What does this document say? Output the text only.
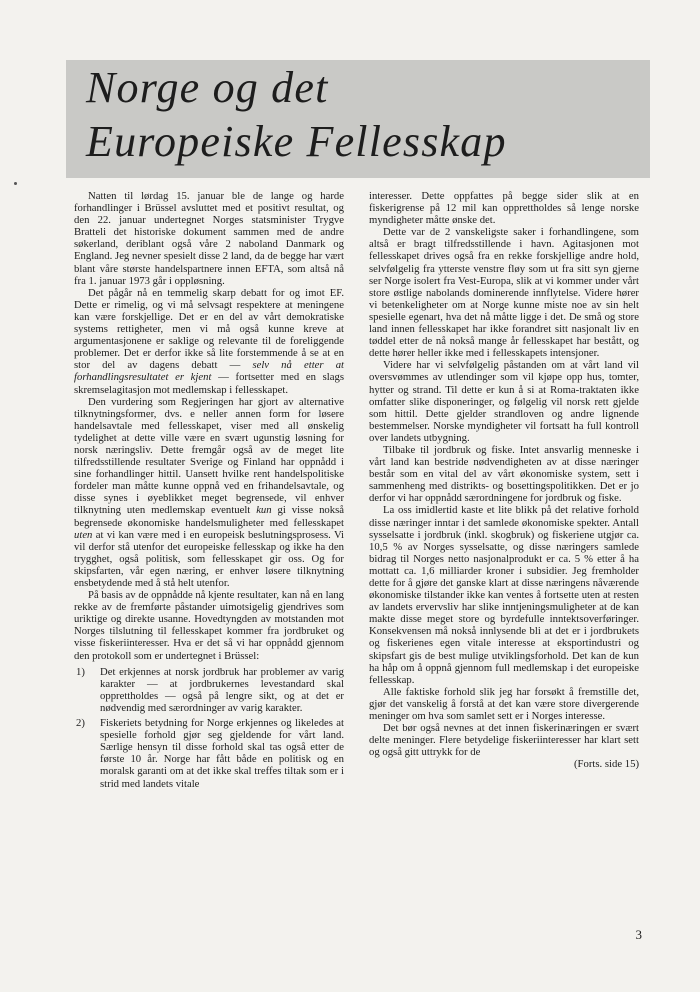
Norge og det
Europeiske Fellesskap

Natten til lørdag 15. januar ble de lange og harde forhandlinger i Brüssel avsluttet med et positivt resultat, og den 22. januar undertegnet Norges statsminister Trygve Bratteli det historiske dokument sammen med de andre søkerland, deriblant også våre 2 naboland Danmark og England. Jeg nevner spesielt disse 2 land, da de begge har vært blant våre største handelspartnere innen EFTA, som altså nå fra 1. januar 1973 går i oppløsning.

Det pågår nå en temmelig skarp debatt for og imot EF. Dette er rimelig, og vi må selvsagt respektere at meningene kan være forskjellige. Det er en del av vårt demokratiske systems rettigheter, men vi må også kunne kreve at argumentasjonene er saklige og relevante til de foreliggende problemer. Det er derfor ikke så lite forstemmende å se at en stor del av dagens debatt — selv nå etter at forhandlingsresultatet er kjent — fortsetter med en slags skremselagitasjon mot medlemskap i fellesskapet.

Den vurdering som Regjeringen har gjort av alternative tilknytningsformer, dvs. e neller annen form for løsere handelsavtale med fellesskapet, viser med all ønskelig tydelighet at dette ville være en svært ugunstig løsning for norsk næringsliv. Dette fremgår også av de meget lite tilfredsstillende resultater Sverige og Finland har oppnådd i sine forhandlinger hittil. Uansett hvilke rent handelspolitiske fordeler man måtte kunne oppnå ved en frihandelsavtale, og disse synes i øyeblikket meget begrensede, vil enhver tilknytning uten medlemskap eventuelt kun gi visse nokså begrensede økonomiske handelsmuligheter med fellesskapet uten at vi kan være med i en europeisk beslutningsprosess. Vi vil derfor stå utenfor det europeiske fellesskap og ikke ha den trygghet, også politisk, som fellesskapet gir oss. Og for skipsfarten, vår egen næring, er enhver løsere tilknytning ensbetydende med å stå helt utenfor.

På basis av de oppnådde nå kjente resultater, kan nå en lang rekke av de fremførte påstander uimotsigelig gjendrives som uriktige og direkte usanne. Hovedtyngden av motstanden mot Norges tilslutning til fellesskapet kommer fra jordbruket og visse fiskeriinteresser. Hva er det så vi har oppnådd gjennom den protokoll som er undertegnet i Brüssel:

1) Det erkjennes at norsk jordbruk har problemer av varig karakter — at jordbrukernes levestandard skal opprettholdes — også på lengre sikt, og at det er nødvendig med særordninger av varig karakter.
2) Fiskeriets betydning for Norge erkjennes og likeledes at spesielle forhold gjør seg gjeldende for vårt land. Særlige hensyn til disse forhold skal tas også etter de første 10 år. Norge har fått både en politisk og en moralsk garanti om at det ikke skal treffes tiltak som er i strid med landets vitale

interesser. Dette oppfattes på begge sider slik at en fiskerigrense på 12 mil kan opprettholdes så lenge norske myndigheter måtte ønske det.

Dette var de 2 vanskeligste saker i forhandlingene, som altså er bragt tilfredsstillende i havn. Agitasjonen mot fellesskapet drives også fra en rekke forskjellige andre hold, selvfølgelig fra ytterste venstre fløy som ut fra sitt syn gjerne ser Norge isolert fra Vest-Europa, slik at vi kommer under vårt store østlige nabolands dominerende innflytelse. Videre hører vi betenkeligheter om at Norge kunne miste noe av sin helt spesielle egenart, hva det nå måtte ligge i det. De små og store land innen fellesskapet har ikke forandret sitt nasjonalt liv en tøddel etter de nå nokså mange år fellesskapet har bestått, og dette hører heller ikke med i fellesskapets intensjoner.

Videre har vi selvfølgelig påstanden om at vårt land vil oversvømmes av utlendinger som vil kjøpe opp hus, tomter, hytter og strand. Til dette er kun å si at Roma-traktaten ikke omfatter slike disponeringer, og følgelig vil norsk rett gjelde som hittil. Dette gjelder strandloven og andre lignende bestemmelser. Norske myndigheter vil fortsatt ha full kontroll over landets utbygning.

Tilbake til jordbruk og fiske. Intet ansvarlig menneske i vårt land kan bestride nødvendigheten av at disse næringer består som en vital del av vårt økonomiske system, sett i sammenheng med distrikts- og bosettingspolitikken. Det er jo derfor vi har oppnådd særordningene for jordbruk og fiske.

La oss imidlertid kaste et lite blikk på det relative forhold disse næringer inntar i det samlede økonomiske spekter. Antall sysselsatte i jordbruk (inkl. skogbruk) og fiskeriene utgjør ca. 10,5 % av Norges sysselsatte, og disse næringers samlede bidrag til Norges netto nasjonalprodukt er ca. 5 % etter å ha mottatt ca. 1,6 milliarder kroner i subsidier. Jeg fremholder dette for å gjøre det ganske klart at disse næringens nåværende økonomiske tilstander ikke kan ventes å fortsette uten at resten av landets ervervsliv har slike inntjeningsmuligheter at de kan makte disse meget store og byrdefulle inntektsoverføringer. Konsekvensen må nokså innlysende bli at det er i jordbrukets og fiskerienes egen vitale interesse at eksportindustri og skipsfart gis de best mulige utviklingsforhold. Det kan de kun ha håp om å oppnå gjennom full medlemskap i det europeiske fellesskap.

Alle faktiske forhold slik jeg har forsøkt å fremstille det, gjør det vanskelig å forstå at det kan være store divergerende meninger om hva som samlet sett er i Norges interesse.

Det bør også nevnes at det innen fiskerinæringen er svært delte meninger. Flere betydelige fiskeriinteresser har klart sett og også gitt uttrykk for de

(Forts. side 15)

3
